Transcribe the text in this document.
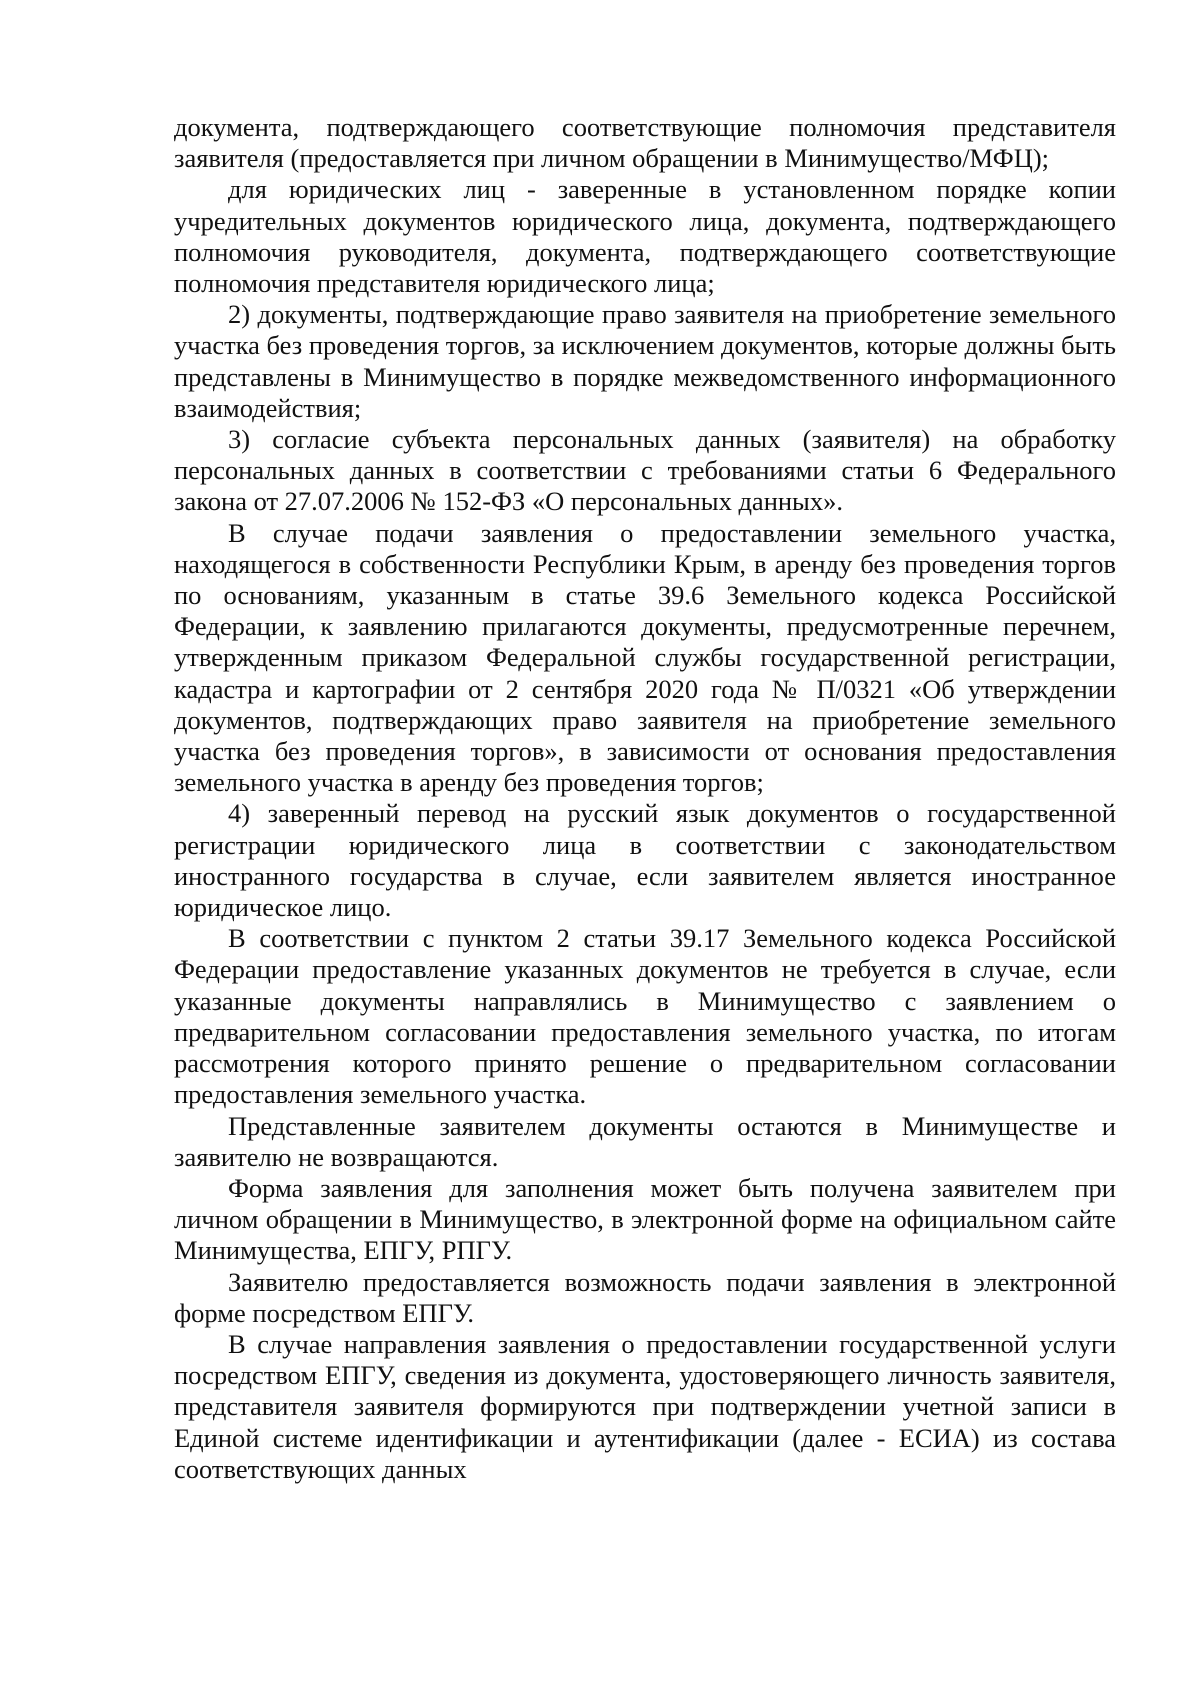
документа, подтверждающего соответствующие полномочия представителя заявителя (предоставляется при личном обращении в Минимущество/МФЦ);

для юридических лиц - заверенные в установленном порядке копии учредительных документов юридического лица, документа, подтверждающего полномочия руководителя, документа, подтверждающего соответствующие полномочия представителя юридического лица;

2) документы, подтверждающие право заявителя на приобретение земельного участка без проведения торгов, за исключением документов, которые должны быть представлены в Минимущество в порядке межведомственного информационного взаимодействия;

3) согласие субъекта персональных данных (заявителя) на обработку персональных данных в соответствии с требованиями статьи 6 Федерального закона от 27.07.2006 № 152-ФЗ «О персональных данных».

В случае подачи заявления о предоставлении земельного участка, находящегося в собственности Республики Крым, в аренду без проведения торгов по основаниям, указанным в статье 39.6 Земельного кодекса Российской Федерации, к заявлению прилагаются документы, предусмотренные перечнем, утвержденным приказом Федеральной службы государственной регистрации, кадастра и картографии от 2 сентября 2020 года № П/0321 «Об утверждении документов, подтверждающих право заявителя на приобретение земельного участка без проведения торгов», в зависимости от основания предоставления земельного участка в аренду без проведения торгов;

4) заверенный перевод на русский язык документов о государственной регистрации юридического лица в соответствии с законодательством иностранного государства в случае, если заявителем является иностранное юридическое лицо.

В соответствии с пунктом 2 статьи 39.17 Земельного кодекса Российской Федерации предоставление указанных документов не требуется в случае, если указанные документы направлялись в Минимущество с заявлением о предварительном согласовании предоставления земельного участка, по итогам рассмотрения которого принято решение о предварительном согласовании предоставления земельного участка.

Представленные заявителем документы остаются в Минимуществе и заявителю не возвращаются.

Форма заявления для заполнения может быть получена заявителем при личном обращении в Минимущество, в электронной форме на официальном сайте Минимущества, ЕПГУ, РПГУ.

Заявителю предоставляется возможность подачи заявления в электронной форме посредством ЕПГУ.

В случае направления заявления о предоставлении государственной услуги посредством ЕПГУ, сведения из документа, удостоверяющего личность заявителя, представителя заявителя формируются при подтверждении учетной записи в Единой системе идентификации и аутентификации (далее - ЕСИА) из состава соответствующих данных
